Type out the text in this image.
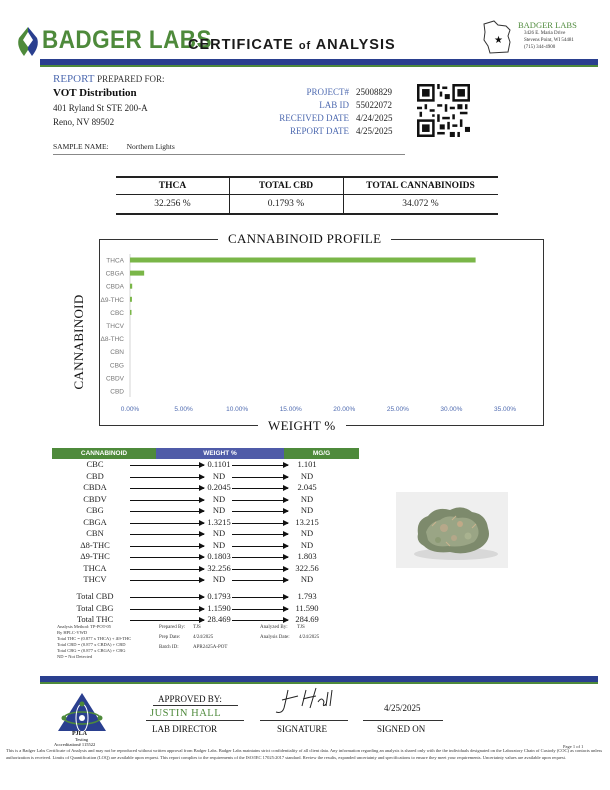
BADGER LABS
CERTIFICATE of ANALYSIS	★
BADGER LABS
3426 E. Maria Drive
Stevens Point, WI 54481
(715) 344-4900
REPORT PREPARED FOR:
VOT Distribution
401 Ryland St STE 200-A
Reno, NV 89502
PROJECT# 25008829
LAB ID 55022072
RECEIVED DATE 4/24/2025
REPORT DATE 4/25/2025
SAMPLE NAME: Northern Lights
THCA	TOTAL CBD	TOTAL CANNABINOIDS
32.256 %	0.1793 %	34.072 %
CANNABINOID PROFILE
WEIGHT %
CANNABINOID
THCA
CBGA
CBDA
Δ9-THC
CBC
THCV
Δ8-THC
CBN
CBG
CBDV
CBD
0.00%	5.00%	10.00%	15.00%	20.00%	25.00%	30.00%	35.00%
CANNABINOID	WEIGHT %	MG/G
CBC	0.1101	1.101
CBD	ND	ND
CBDA	0.2045	2.045
CBDV	ND	ND
CBG	ND	ND
CBGA	1.3215	13.215
CBN	ND	ND
Δ8-THC	ND	ND
Δ9-THC	0.1803	1.803
THCA	32.256	322.56
THCV	ND	ND
Total CBD	0.1793	1.793
Total CBG	1.1590	11.590
Total THC	28.469	284.69
Analysis Method: TP-POT-05
By HPLC-VWD
Total THC = (0.877 x THCA) + Δ9-THC
Total CBD = (0.877 x CBDA) + CBD
Total CBG = (0.877 x CBGA) + CBG
ND = Not Detected
Prepared By: TJS
Prep Date:	4/24/2025
Batch ID:	APR2425A-POT
Analyzed By: TJS
Analysis Date: 4/24/2025
PJLA
Testing
Accreditation# 115522
APPROVED BY:
JUSTIN HALL
LAB DIRECTOR	SIGNATURE
4/25/2025
SIGNED ON
Page 1 of 1
This is a Badger Labs Certificate of Analysis and may not be reproduced without written approval from Badger Labs. Badger Labs maintains strict confidentiality of all client data. Any information regarding an analysis is shared only with the the individuals designated on the Laboratory Chain of Custody (COC) as contacts unless authorization is received. Limits of Quantification (LOQ) are available upon request. This report complies to the requirements of the ISO/IEC 17025:2017 standard. Review the results, expanded uncertainty and specifications to ensure they meet your requirements. Uncertainty values are available upon request.
